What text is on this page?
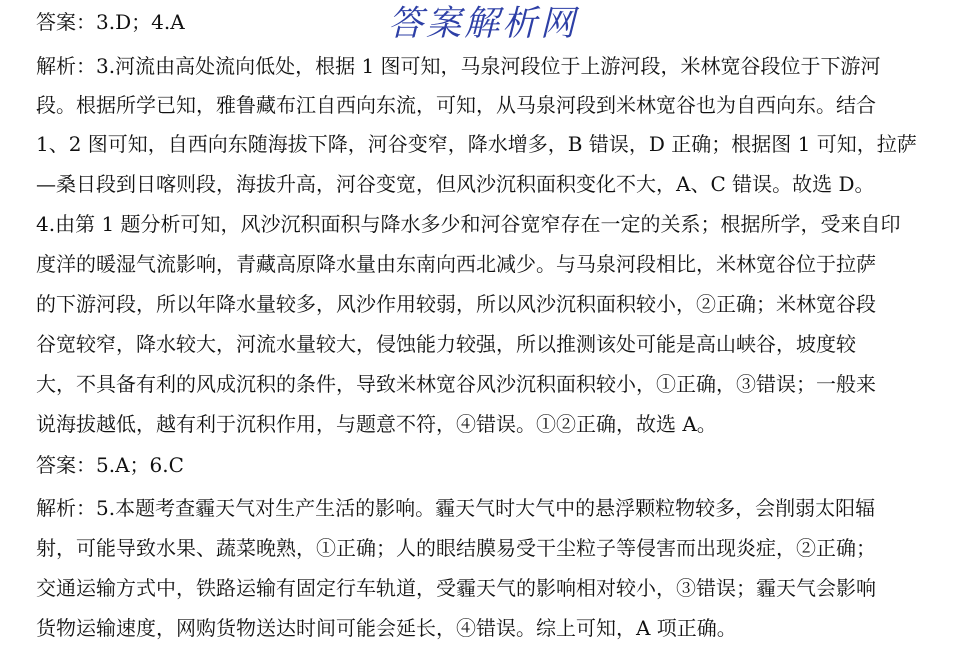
答案解析网
答案：3.D；4.A
解析：3.河流由高处流向低处，根据 1 图可知，马泉河段位于上游河段，米林宽谷段位于下游河
段。根据所学已知，雅鲁藏布江自西向东流，可知，从马泉河段到米林宽谷也为自西向东。结合
1、2 图可知，自西向东随海拔下降，河谷变窄，降水增多，B 错误，D 正确；根据图 1 可知，拉萨
—桑日段到日喀则段，海拔升高，河谷变宽，但风沙沉积面积变化不大，A、C 错误。故选 D。
4.由第 1 题分析可知，风沙沉积面积与降水多少和河谷宽窄存在一定的关系；根据所学，受来自印
度洋的暖湿气流影响，青藏高原降水量由东南向西北减少。与马泉河段相比，米林宽谷位于拉萨
的下游河段，所以年降水量较多，风沙作用较弱，所以风沙沉积面积较小，②正确；米林宽谷段
谷宽较窄，降水较大，河流水量较大，侵蚀能力较强，所以推测该处可能是高山峡谷，坡度较
大，不具备有利的风成沉积的条件，导致米林宽谷风沙沉积面积较小，①正确，③错误；一般来
说海拔越低，越有利于沉积作用，与题意不符，④错误。①②正确，故选 A。
答案：5.A；6.C
解析：5.本题考查霾天气对生产生活的影响。霾天气时大气中的悬浮颗粒物较多，会削弱太阳辐
射，可能导致水果、蔬菜晚熟，①正确；人的眼结膜易受干尘粒子等侵害而出现炎症，②正确；
交通运输方式中，铁路运输有固定行车轨道，受霾天气的影响相对较小，③错误；霾天气会影响
货物运输速度，网购货物送达时间可能会延长，④错误。综上可知，A 项正确。
